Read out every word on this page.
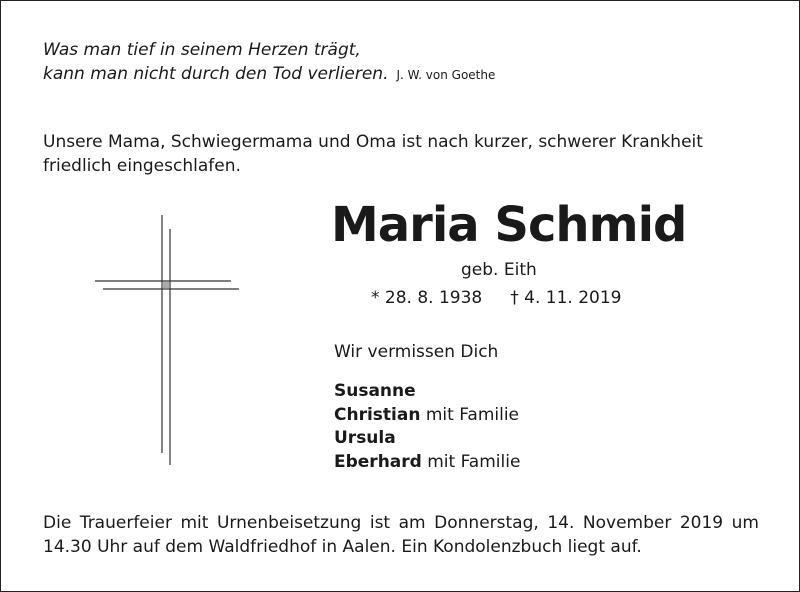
Was man tief in seinem Herzen trägt,
kann man nicht durch den Tod verlieren. J. W. von Goethe
Unsere Mama, Schwiegermama und Oma ist nach kurzer, schwerer Krankheit
friedlich eingeschlafen.
Maria Schmid
geb. Eith
* 28. 8. 1938 † 4. 11. 2019
Wir vermissen Dich
Susanne
Christian mit Familie
Ursula
Eberhard mit Familie
Die Trauerfeier mit Urnenbeisetzung ist am Donnerstag, 14. November 2019 um 14.30 Uhr auf dem Waldfriedhof in Aalen. Ein Kondolenzbuch liegt auf.
